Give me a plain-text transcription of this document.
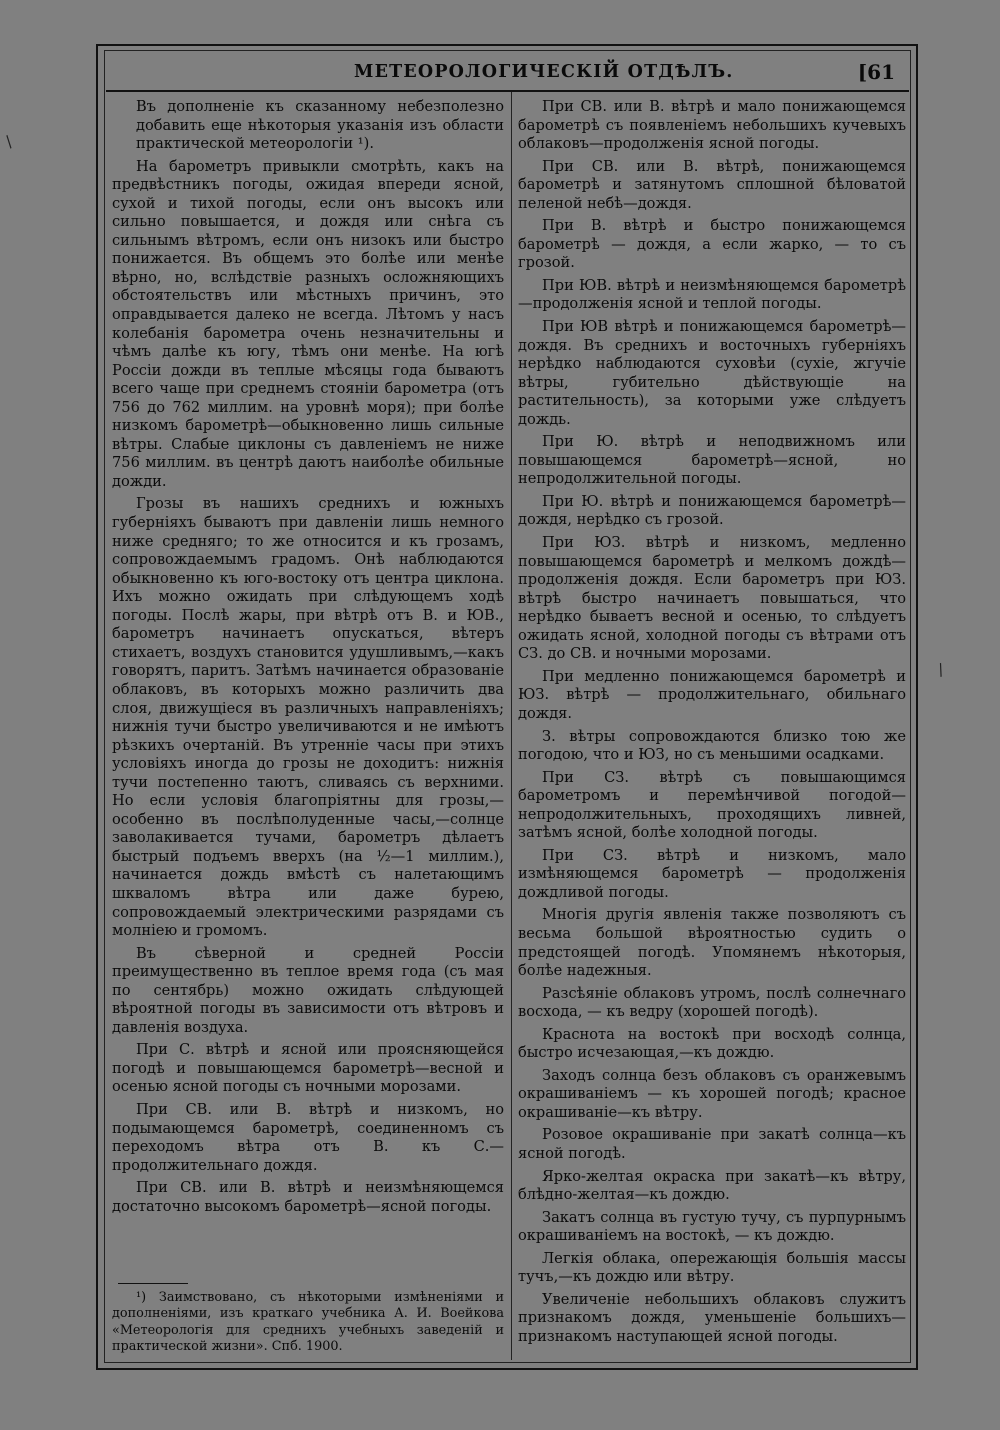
МЕТЕОРОЛОГИЧЕСКІЙ ОТДѢЛЪ.	[61

Въ дополненіе къ сказанному небезполезно добавить еще нѣкоторыя указанія изъ области практической метеорологіи ¹).

На барометръ привыкли смотрѣть, какъ на предвѣстникъ погоды, ожидая впереди ясной, сухой и тихой погоды, если онъ высокъ или сильно повышается, и дождя или снѣга съ сильнымъ вѣтромъ, если онъ низокъ или быстро понижается. Въ общемъ это болѣе или менѣе вѣрно, но, вслѣдствіе разныхъ осложняющихъ обстоятельствъ или мѣстныхъ причинъ, это оправдывается далеко не всегда. Лѣтомъ у насъ колебанія барометра очень незначительны и чѣмъ далѣе къ югу, тѣмъ они менѣе. На югѣ Россіи дожди въ теплые мѣсяцы года бываютъ всего чаще при среднемъ стояніи барометра (отъ 756 до 762 миллим. на уровнѣ моря); при болѣе низкомъ барометрѣ—обыкновенно лишь сильные вѣтры. Слабые циклоны съ давленіемъ не ниже 756 миллим. въ центрѣ даютъ наиболѣе обильные дожди.

Грозы въ нашихъ среднихъ и южныхъ губерніяхъ бываютъ при давленіи лишь немного ниже средняго; то же относится и къ грозамъ, сопровождаемымъ градомъ. Онѣ наблюдаются обыкновенно къ юго-востоку отъ центра циклона. Ихъ можно ожидать при слѣдующемъ ходѣ погоды. Послѣ жары, при вѣтрѣ отъ В. и ЮВ., барометръ начинаетъ опускаться, вѣтеръ стихаетъ, воздухъ становится удушливымъ,—какъ говорятъ, паритъ. Затѣмъ начинается образованіе облаковъ, въ которыхъ можно различить два слоя, движущіеся въ различныхъ направленіяхъ; нижнія тучи быстро увеличиваются и не имѣютъ рѣзкихъ очертаній. Въ утренніе часы при этихъ условіяхъ иногда до грозы не доходитъ: нижнія тучи постепенно таютъ, сливаясь съ верхними. Но если условія благопріятны для грозы,—особенно въ послѣполуденные часы,—солнце заволакивается тучами, барометръ дѣлаетъ быстрый подъемъ вверхъ (на ½—1 миллим.), начинается дождь вмѣстѣ съ налетающимъ шкваломъ вѣтра или даже бурею, сопровождаемый электрическими разрядами съ молніею и громомъ.

Въ сѣверной и средней Россіи преимущественно въ теплое время года (съ мая по сентябрь) можно ожидать слѣдующей вѣроятной погоды въ зависимости отъ вѣтровъ и давленія воздуха.

При С. вѣтрѣ и ясной или проясняющейся погодѣ и повышающемся барометрѣ—весной и осенью ясной погоды съ ночными морозами.

При СВ. или В. вѣтрѣ и низкомъ, но подымающемся барометрѣ, соединенномъ съ переходомъ вѣтра отъ В. къ С.—продолжительнаго дождя.

При СВ. или В. вѣтрѣ и неизмѣняющемся достаточно высокомъ барометрѣ—ясной погоды.

¹) Заимствовано, съ нѣкоторыми измѣненіями и дополненіями, изъ краткаго учебника А. И. Воейкова «Метеорологія для среднихъ учебныхъ заведеній и практической жизни». Спб. 1900.

При СВ. или В. вѣтрѣ и мало понижающемся барометрѣ съ появленіемъ небольшихъ кучевыхъ облаковъ—продолженія ясной погоды.

При СВ. или В. вѣтрѣ, понижающемся барометрѣ и затянутомъ сплошной бѣловатой пеленой небѣ—дождя.

При В. вѣтрѣ и быстро понижающемся барометрѣ — дождя, а если жарко, — то съ грозой.

При ЮВ. вѣтрѣ и неизмѣняющемся барометрѣ—продолженія ясной и теплой погоды.

При ЮВ вѣтрѣ и понижающемся барометрѣ—дождя. Въ среднихъ и восточныхъ губерніяхъ нерѣдко наблюдаются суховѣи (сухіе, жгучіе вѣтры, губительно дѣйствующіе на растительность), за которыми уже слѣдуетъ дождь.

При Ю. вѣтрѣ и неподвижномъ или повышающемся барометрѣ—ясной, но непродолжительной погоды.

При Ю. вѣтрѣ и понижающемся барометрѣ—дождя, нерѣдко съ грозой.

При ЮЗ. вѣтрѣ и низкомъ, медленно повышающемся барометрѣ и мелкомъ дождѣ—продолженія дождя. Если барометръ при ЮЗ. вѣтрѣ быстро начинаетъ повышаться, что нерѣдко бываетъ весной и осенью, то слѣдуетъ ожидать ясной, холодной погоды съ вѣтрами отъ СЗ. до СВ. и ночными морозами.

При медленно понижающемся барометрѣ и ЮЗ. вѣтрѣ — продолжительнаго, обильнаго дождя.

З. вѣтры сопровождаются близко тою же погодою, что и ЮЗ, но съ меньшими осадками.

При СЗ. вѣтрѣ съ повышающимся барометромъ и перемѣнчивой погодой—непродолжительныхъ, проходящихъ ливней, затѣмъ ясной, болѣе холодной погоды.

При СЗ. вѣтрѣ и низкомъ, мало измѣняющемся барометрѣ — продолженія дождливой погоды.

Многія другія явленія также позволяютъ съ весьма большой вѣроятностью судить о предстоящей погодѣ. Упомянемъ нѣкоторыя, болѣе надежныя.

Разсѣяніе облаковъ утромъ, послѣ солнечнаго восхода, — къ ведру (хорошей погодѣ).

Краснота на востокѣ при восходѣ солнца, быстро исчезающая,—къ дождю.

Заходъ солнца безъ облаковъ съ оранжевымъ окрашиваніемъ — къ хорошей погодѣ; красное окрашиваніе—къ вѣтру.

Розовое окрашиваніе при закатѣ солнца—къ ясной погодѣ.

Ярко-желтая окраска при закатѣ—къ вѣтру, блѣдно-желтая—къ дождю.

Закатъ солнца въ густую тучу, съ пурпурнымъ окрашиваніемъ на востокѣ, — къ дождю.

Легкія облака, опережающія большія массы тучъ,—къ дождю или вѣтру.

Увеличеніе небольшихъ облаковъ служитъ признакомъ дождя, уменьшеніе большихъ—признакомъ наступающей ясной погоды.

/
/
